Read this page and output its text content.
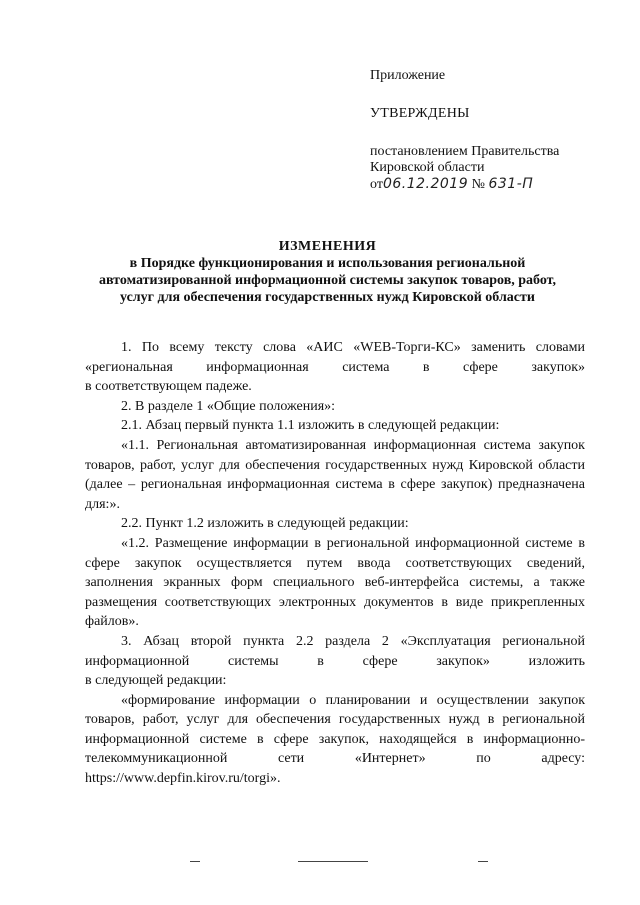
Приложение

УТВЕРЖДЕНЫ

постановлением Правительства

Кировской области

от06.12.2019 № 631-П

ИЗМЕНЕНИЯ
в Порядке функционирования и использования региональной
автоматизированной информационной системы закупок товаров, работ,
услуг для обеспечения государственных нужд Кировской области

1. По всему тексту слова «АИС «WEB-Торги-КС» заменить словами «региональная информационная система в сфере закупок»

в соответствующем падеже.

2. В разделе 1 «Общие положения»:

2.1. Абзац первый пункта 1.1 изложить в следующей редакции:

«1.1. Региональная автоматизированная информационная система закупок товаров, работ, услуг для обеспечения государственных нужд Кировской области (далее – региональная информационная система в сфере закупок) предназначена для:».

2.2. Пункт 1.2 изложить в следующей редакции:

«1.2. Размещение информации в региональной информационной системе в сфере закупок осуществляется путем ввода соответствующих сведений, заполнения экранных форм специального веб-интерфейса системы, а также размещения соответствующих электронных документов в виде прикрепленных файлов».

3. Абзац второй пункта 2.2 раздела 2 «Эксплуатация региональной информационной системы в сфере закупок» изложить

в следующей редакции:

«формирование информации о планировании и осуществлении закупок товаров, работ, услуг для обеспечения государственных нужд в региональной информационной системе в сфере закупок, находящейся в информационно-телекоммуникационной сети «Интернет» по адресу: https://www.depfin.kirov.ru/torgi».
